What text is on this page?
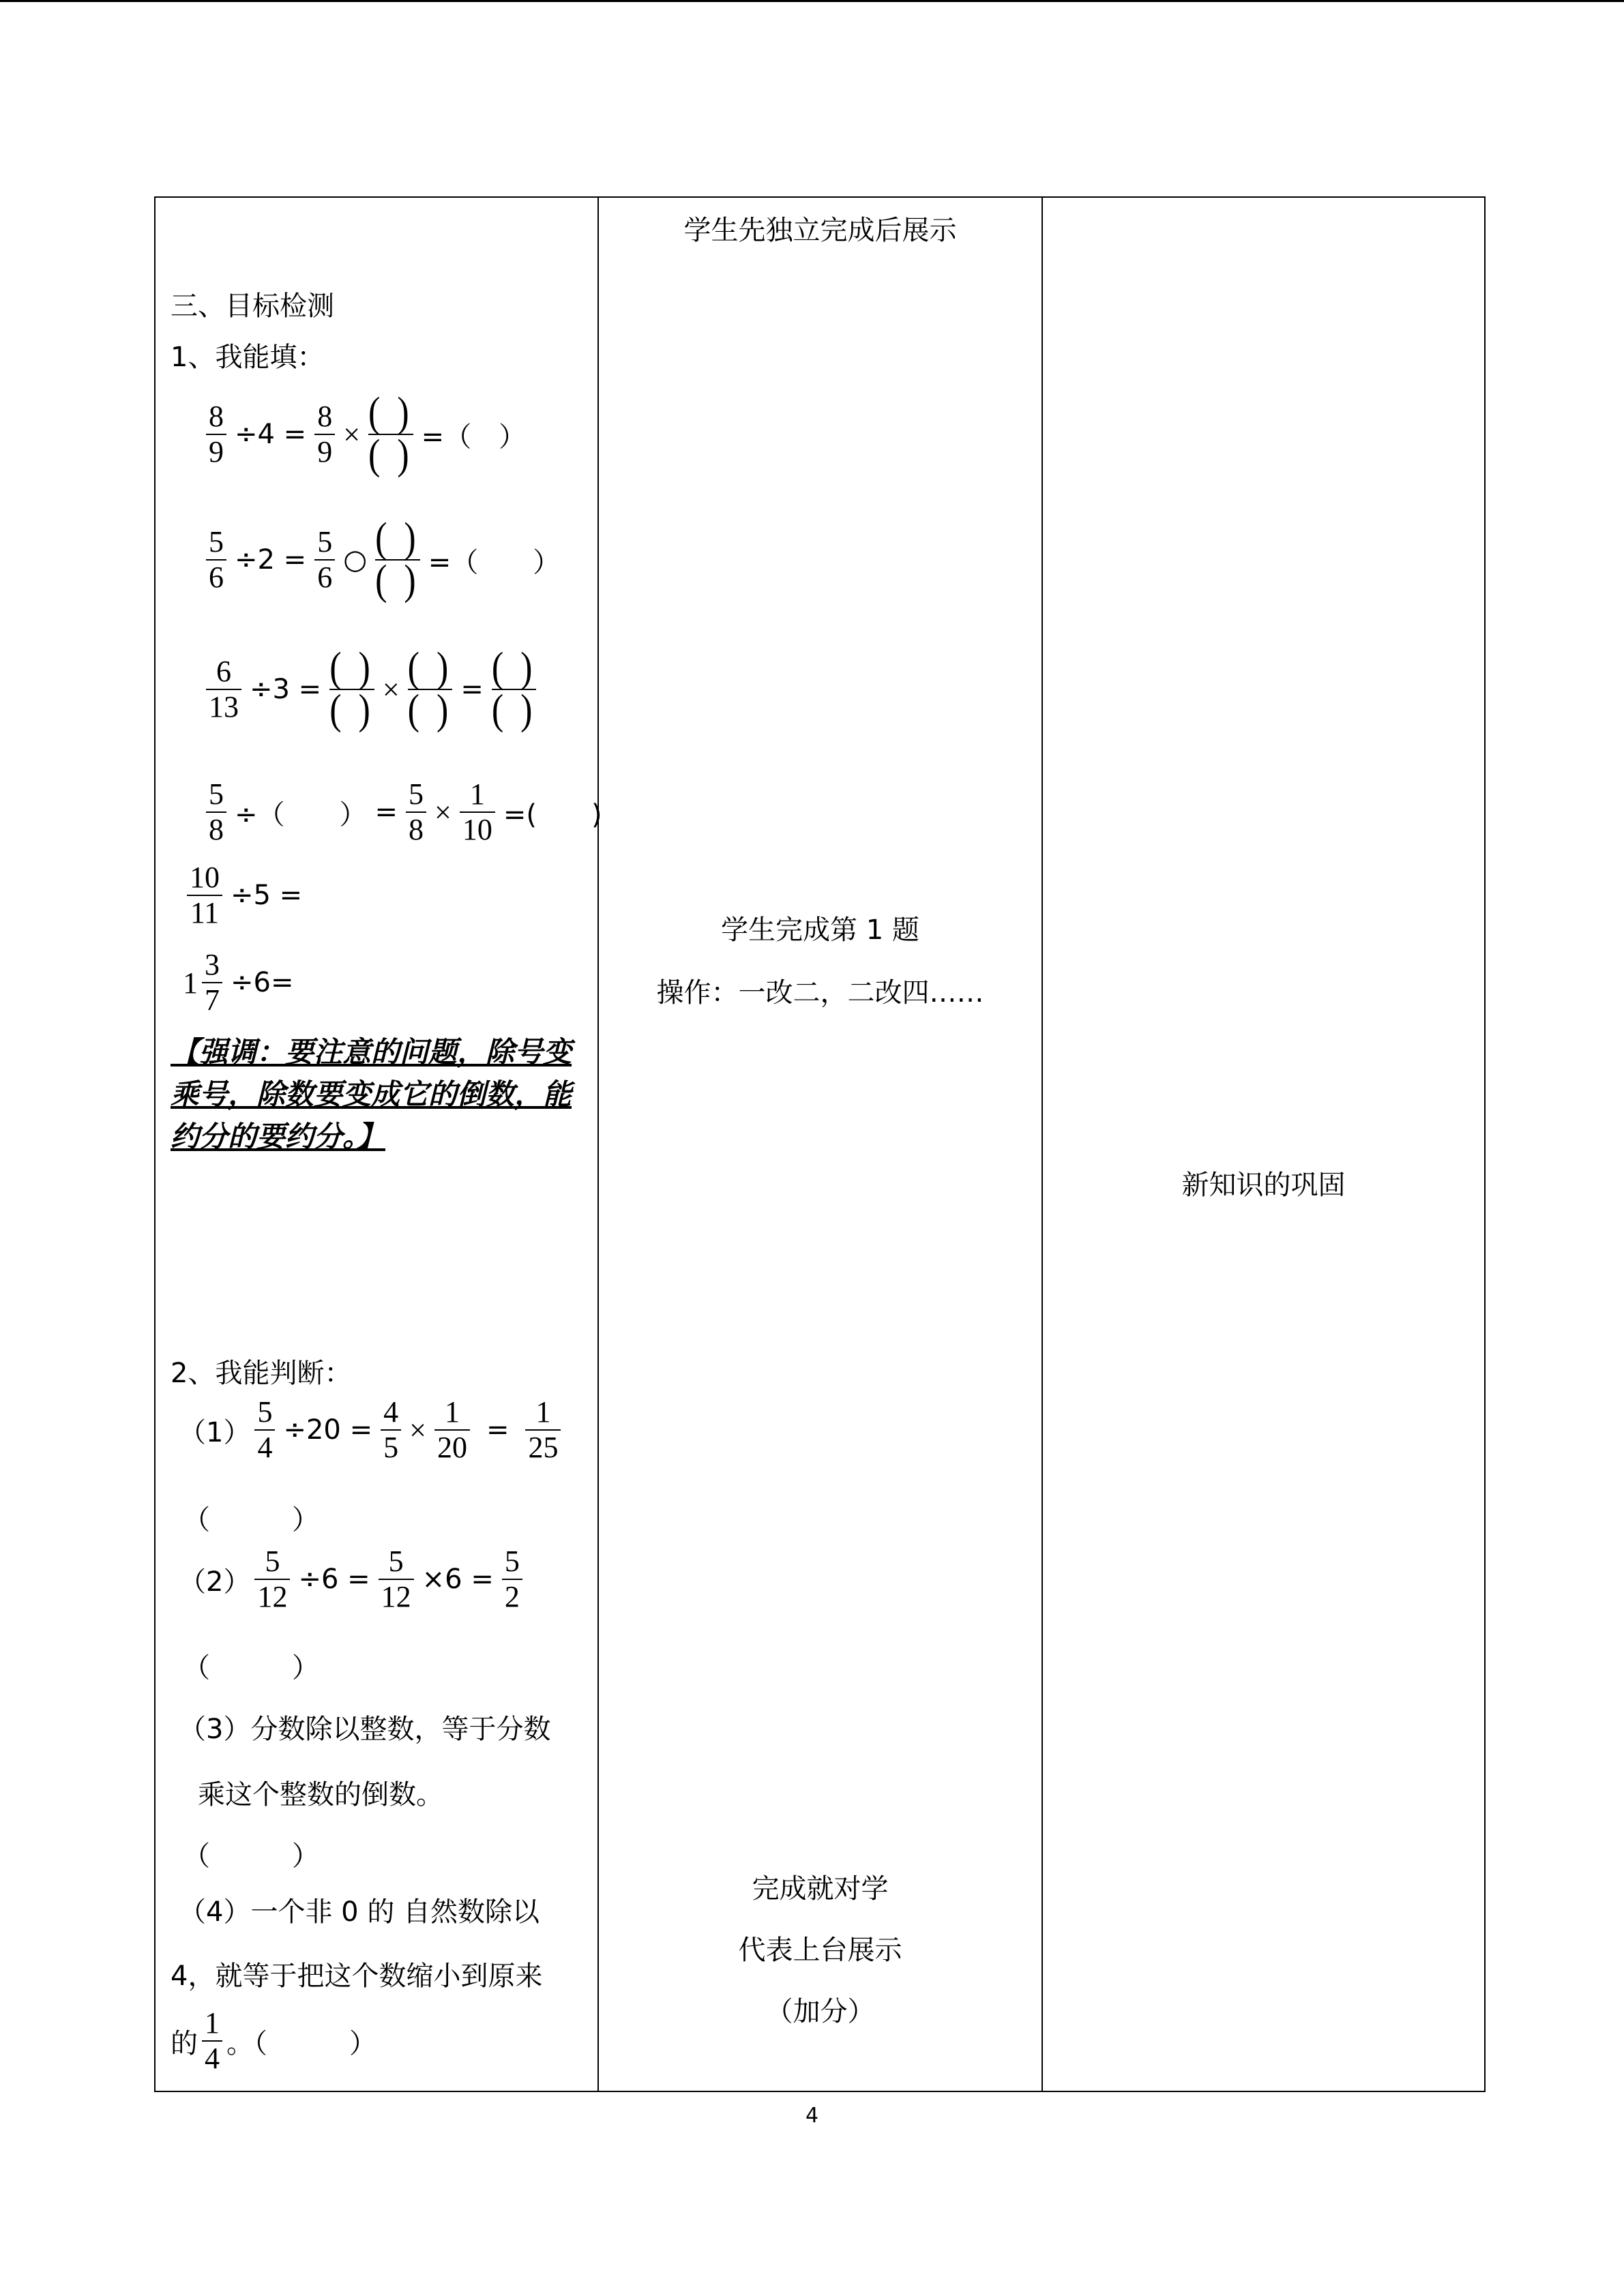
三、目标检测
1、我能填：
$\frac{8}{9} \div 4 = \frac{8}{9} \times \frac{( )}{( )}$ =（　）
$\frac{5}{6} \div 2 = \frac{5}{6}$ ○ $\frac{( )}{( )}$ =（　　）
$\frac{6}{13} \div 3 = \frac{( )}{( )} \times \frac{( )}{( )} = \frac{( )}{( )}$
$\frac{5}{8}$ ÷（　　） = $\frac{5}{8} \times \frac{1}{10}$ =(　　)
$\frac{10}{11} \div 5$ =
$1 \frac{3}{7} \div 6=$
【强调：要注意的问题，除号变乘号，除数要变成它的倒数，能约分的要约分。】
2、我能判断：
$(1) \frac{5}{4} \div 20 = \frac{4}{5} \times \frac{1}{20} = \frac{1}{25}$
（　　　）
$(2) \frac{5}{12} \div 6 = \frac{5}{12} \times 6 = \frac{5}{2}$
（　　　）
（3）分数除以整数，等于分数
乘这个整数的倒数。
（　　　）
（4）一个非 0 的 自然数除以
4，就等于把这个数缩小到原来
的 $\frac{1}{4}$ 。（　　　）
学生先独立完成后展示
学生完成第 1 题
操作：一改二，二改四……
完成就对学
代表上台展示
（加分）
新知识的巩固
4
